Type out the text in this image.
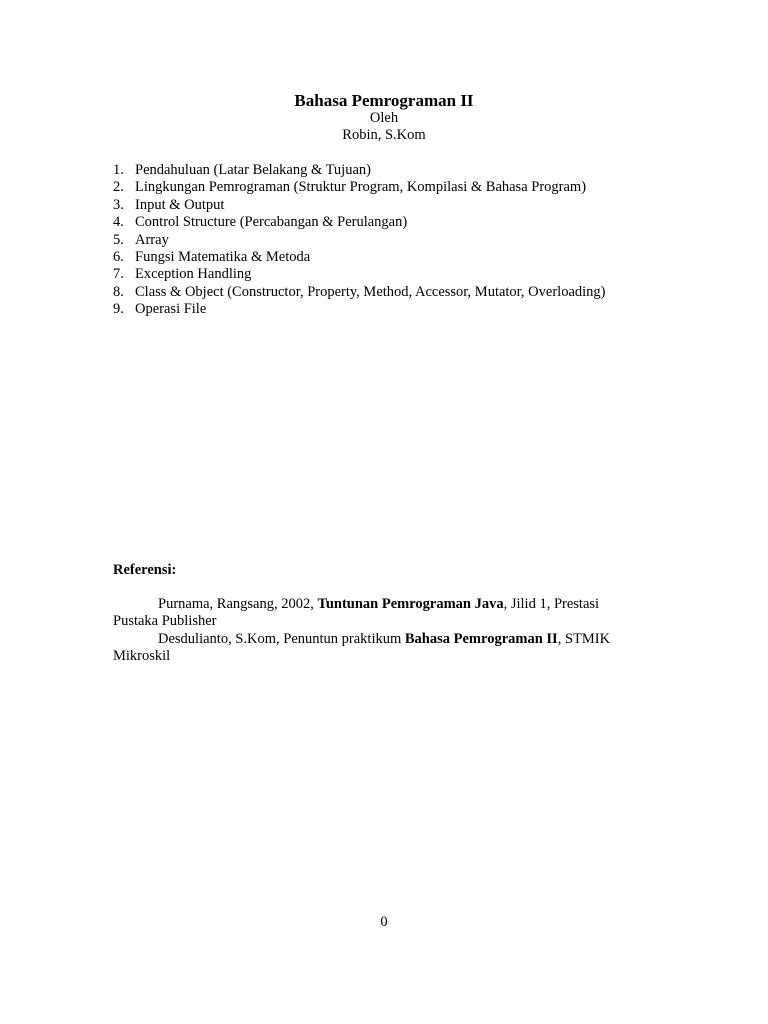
Bahasa Pemrograman II
Oleh
Robin, S.Kom
1. Pendahuluan (Latar Belakang & Tujuan)
2. Lingkungan Pemrograman (Struktur Program, Kompilasi & Bahasa Program)
3. Input & Output
4. Control Structure (Percabangan & Perulangan)
5. Array
6. Fungsi Matematika & Metoda
7. Exception Handling
8. Class & Object (Constructor, Property, Method, Accessor, Mutator, Overloading)
9. Operasi File
Referensi:
Purnama, Rangsang, 2002, Tuntunan Pemrograman Java, Jilid 1, Prestasi
Pustaka Publisher
Desdulianto, S.Kom, Penuntun praktikum Bahasa Pemrograman II, STMIK
Mikroskil
0
